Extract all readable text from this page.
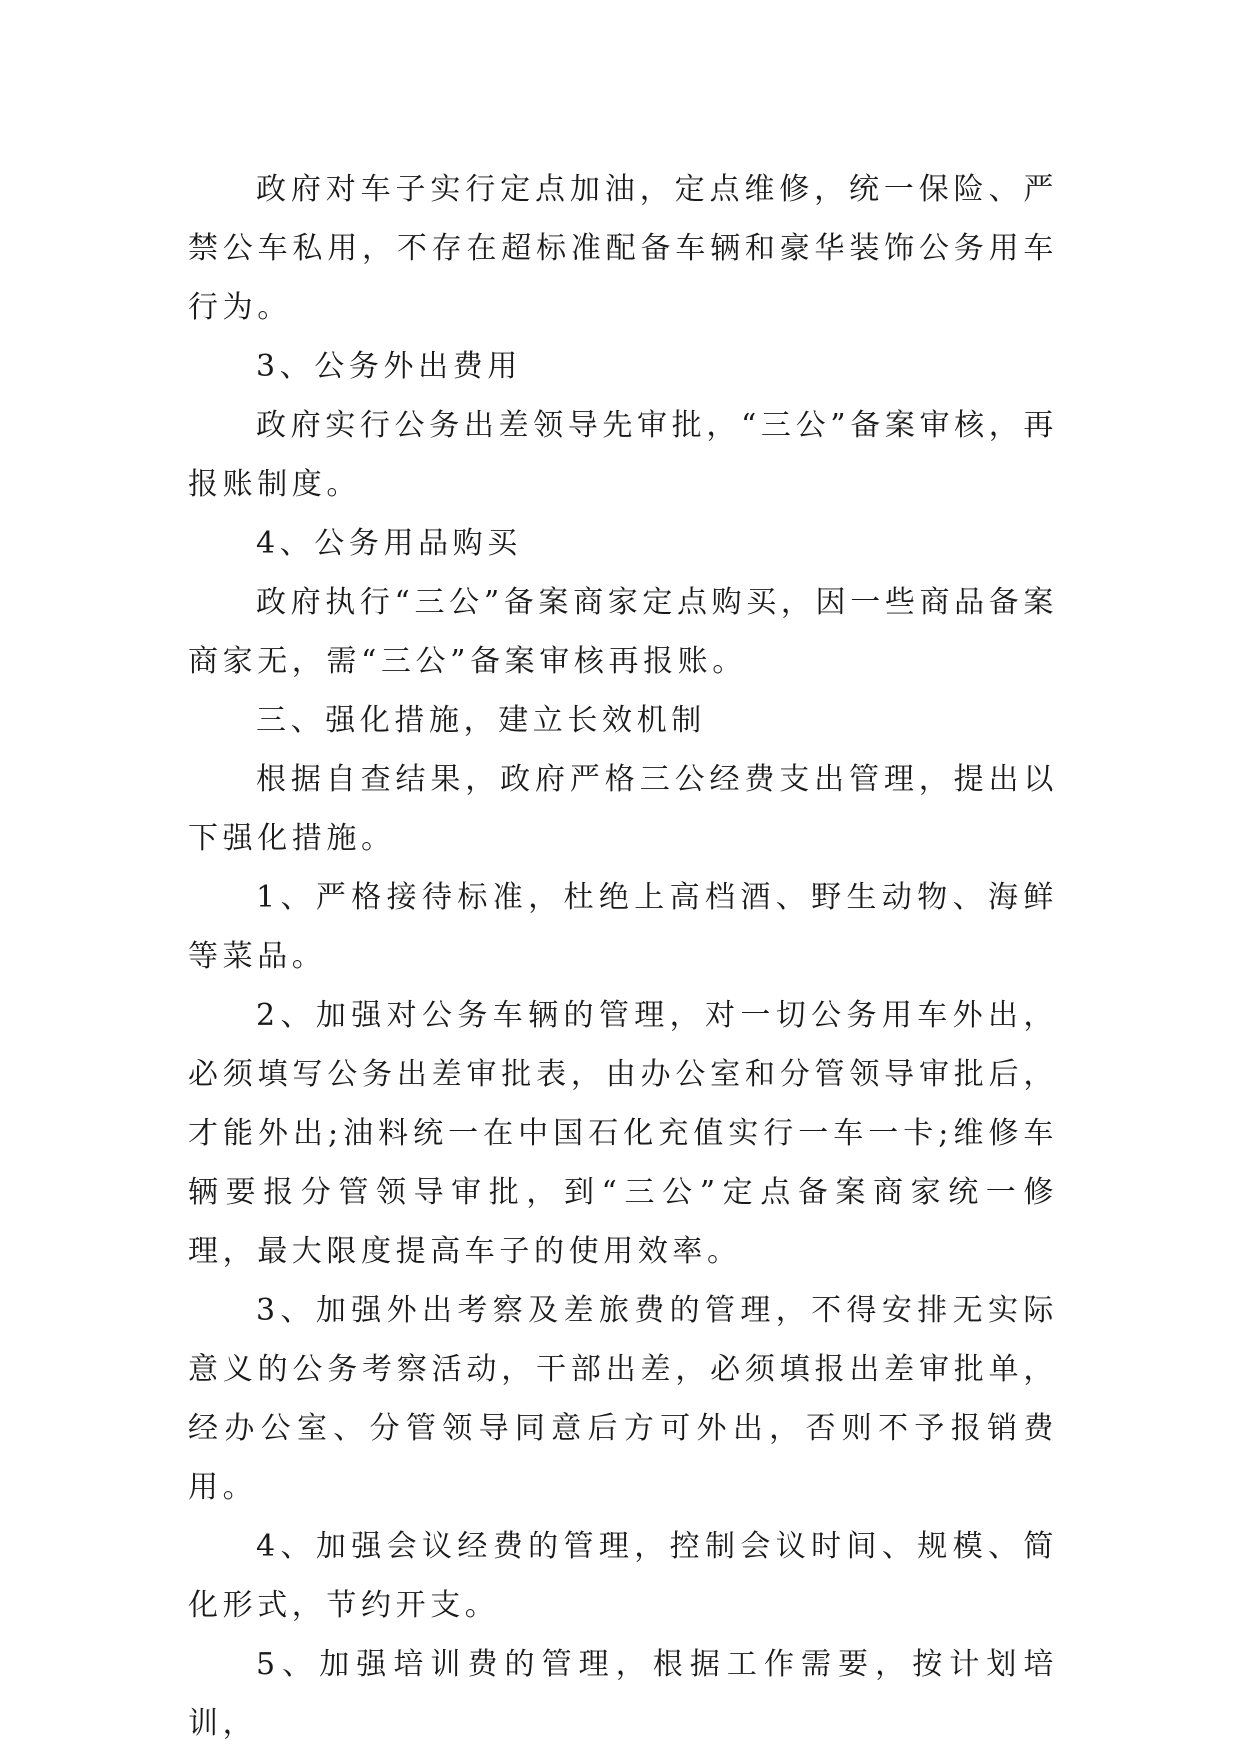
政府对车子实行定点加油，定点维修，统一保险、严禁公车私用，不存在超标准配备车辆和豪华装饰公务用车行为。

3、公务外出费用

政府实行公务出差领导先审批，“三公”备案审核，再报账制度。

4、公务用品购买

政府执行“三公”备案商家定点购买，因一些商品备案商家无，需“三公”备案审核再报账。

三、强化措施，建立长效机制

根据自查结果，政府严格三公经费支出管理，提出以下强化措施。

1、严格接待标准，杜绝上高档酒、野生动物、海鲜等菜品。

2、加强对公务车辆的管理，对一切公务用车外出，必须填写公务出差审批表，由办公室和分管领导审批后，才能外出;油料统一在中国石化充值实行一车一卡;维修车辆要报分管领导审批，到“三公”定点备案商家统一修理，最大限度提高车子的使用效率。

3、加强外出考察及差旅费的管理，不得安排无实际意义的公务考察活动，干部出差，必须填报出差审批单，经办公室、分管领导同意后方可外出，否则不予报销费用。

4、加强会议经费的管理，控制会议时间、规模、简化形式，节约开支。

5、加强培训费的管理，根据工作需要，按计划培训，
